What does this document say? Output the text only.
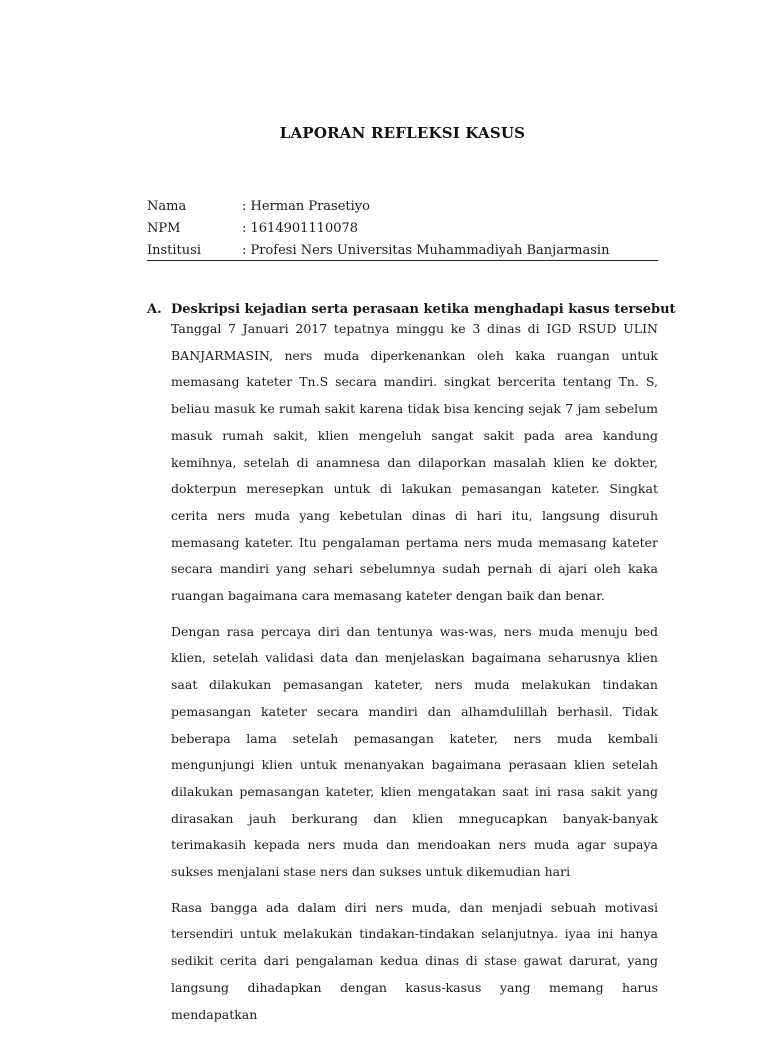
LAPORAN REFLEKSI KASUS
Nama	: Herman Prasetiyo
NPM	: 1614901110078
Institusi	: Profesi Ners Universitas Muhammadiyah Banjarmasin
A. Deskripsi kejadian serta perasaan ketika menghadapi kasus tersebut

Tanggal 7 Januari 2017 tepatnya minggu ke 3 dinas di IGD RSUD ULIN BANJARMASIN, ners muda diperkenankan oleh kaka ruangan untuk memasang kateter Tn.S secara mandiri. singkat bercerita tentang Tn. S, beliau masuk ke rumah sakit karena tidak bisa kencing sejak 7 jam sebelum masuk rumah sakit, klien mengeluh sangat sakit pada area kandung kemihnya, setelah di anamnesa dan dilaporkan masalah klien ke dokter, dokterpun meresepkan untuk di lakukan pemasangan kateter. Singkat cerita ners muda yang kebetulan dinas di hari itu, langsung disuruh memasang kateter. Itu pengalaman pertama ners muda memasang kateter secara mandiri yang sehari sebelumnya sudah pernah di ajari oleh kaka ruangan bagaimana cara memasang kateter dengan baik dan benar.

Dengan rasa percaya diri dan tentunya was-was, ners muda menuju bed klien, setelah validasi data dan menjelaskan bagaimana seharusnya klien saat dilakukan pemasangan kateter, ners muda melakukan tindakan pemasangan kateter secara mandiri dan alhamdulillah berhasil. Tidak beberapa lama setelah pemasangan kateter, ners muda kembali mengunjungi klien untuk menanyakan bagaimana perasaan klien setelah dilakukan pemasangan kateter, klien mengatakan saat ini rasa sakit yang dirasakan jauh berkurang dan klien mnegucapkan banyak-banyak terimakasih kepada ners muda dan mendoakan ners muda agar supaya sukses menjalani stase ners dan sukses untuk dikemudian hari

Rasa bangga ada dalam diri ners muda, dan menjadi sebuah motivasi tersendiri untuk melakukan tindakan-tindakan selanjutnya. iyaa ini hanya sedikit cerita dari pengalaman kedua dinas di stase gawat darurat, yang langsung dihadapkan dengan kasus-kasus yang memang harus mendapatkan
